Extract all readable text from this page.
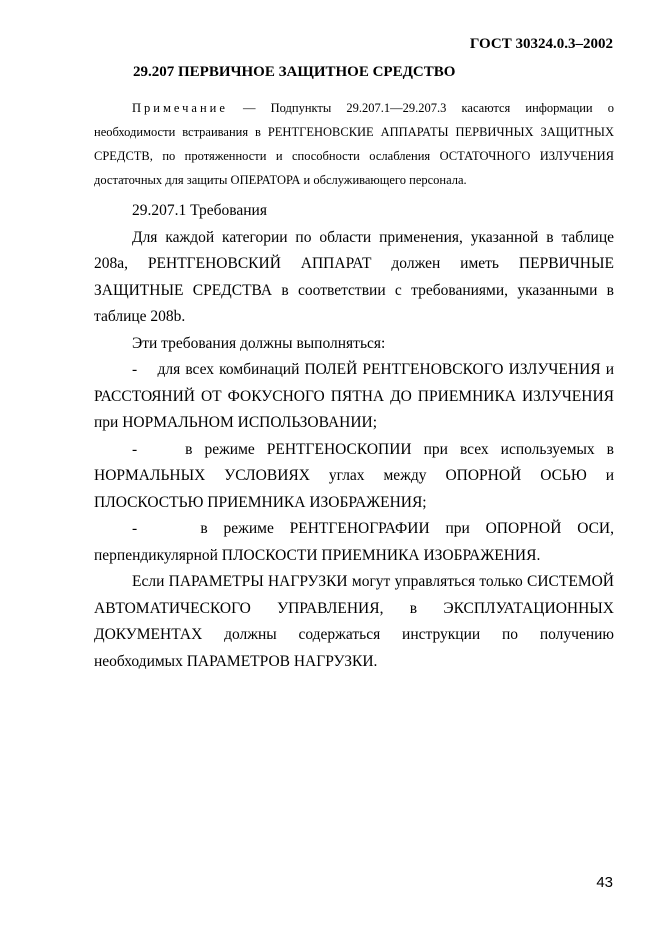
ГОСТ 30324.0.3–2002
29.207 ПЕРВИЧНОЕ ЗАЩИТНОЕ СРЕДСТВО

Примечание — Подпункты 29.207.1—29.207.3 касаются информации о необходимости встраивания в РЕНТГЕНОВСКИЕ АППАРАТЫ ПЕРВИЧНЫХ ЗАЩИТНЫХ СРЕДСТВ, по протяженности и способности ослабления ОСТАТОЧНОГО ИЗЛУЧЕНИЯ достаточных для защиты ОПЕРАТОРА и обслуживающего персонала.

29.207.1 Требования

Для каждой категории по области применения, указанной в таблице 208а, РЕНТГЕНОВСКИЙ АППАРАТ должен иметь ПЕРВИЧНЫЕ ЗАЩИТНЫЕ СРЕДСТВА в соответствии с требованиями, указанными в таблице 208b.

Эти требования должны выполняться:

-    для всех комбинаций ПОЛЕЙ РЕНТГЕНОВСКОГО ИЗЛУЧЕНИЯ и РАССТОЯНИЙ ОТ ФОКУСНОГО ПЯТНА ДО ПРИЕМНИКА ИЗЛУЧЕНИЯ при НОРМАЛЬНОМ ИСПОЛЬЗОВАНИИ;

-    в режиме РЕНТГЕНОСКОПИИ при всех используемых в НОРМАЛЬНЫХ УСЛОВИЯХ углах между ОПОРНОЙ ОСЬЮ и ПЛОСКОСТЬЮ ПРИЕМНИКА ИЗОБРАЖЕНИЯ;

-    в режиме РЕНТГЕНОГРАФИИ при ОПОРНОЙ ОСИ, перпендикулярной ПЛОСКОСТИ ПРИЕМНИКА ИЗОБРАЖЕНИЯ.

Если ПАРАМЕТРЫ НАГРУЗКИ могут управляться только СИСТЕМОЙ АВТОМАТИЧЕСКОГО УПРАВЛЕНИЯ, в ЭКСПЛУАТАЦИОННЫХ ДОКУМЕНТАХ должны содержаться инструкции по получению необходимых ПАРАМЕТРОВ НАГРУЗКИ.

43
